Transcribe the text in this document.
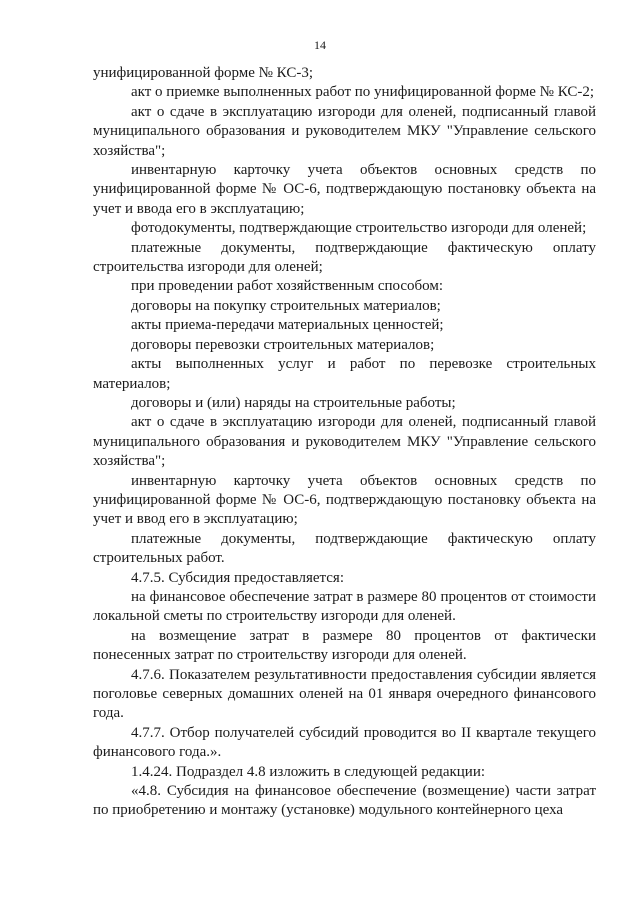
14

унифицированной форме № КС-3;

акт о приемке выполненных работ по унифицированной форме № КС-2;

акт о сдаче в эксплуатацию изгороди для оленей, подписанный главой муниципального образования и руководителем МКУ "Управление сельского хозяйства";

инвентарную карточку учета объектов основных средств по унифицированной форме № ОС-6, подтверждающую постановку объекта на учет и ввода его в эксплуатацию;

фотодокументы, подтверждающие строительство изгороди для оленей;

платежные документы, подтверждающие фактическую оплату строительства изгороди для оленей;

при проведении работ хозяйственным способом:

договоры на покупку строительных материалов;

акты приема-передачи материальных ценностей;

договоры перевозки строительных материалов;

акты выполненных услуг и работ по перевозке строительных материалов;

договоры и (или) наряды на строительные работы;

акт о сдаче в эксплуатацию изгороди для оленей, подписанный главой муниципального образования и руководителем МКУ "Управление сельского хозяйства";

инвентарную карточку учета объектов основных средств по унифицированной форме № ОС-6, подтверждающую постановку объекта на учет и ввод его в эксплуатацию;

платежные документы, подтверждающие фактическую оплату строительных работ.

4.7.5. Субсидия предоставляется:

на финансовое обеспечение затрат в размере 80 процентов от стоимости локальной сметы по строительству изгороди для оленей.

на возмещение затрат в размере 80 процентов от фактически понесенных затрат по строительству изгороди для оленей.

4.7.6. Показателем результативности предоставления субсидии является поголовье северных домашних оленей на 01 января очередного финансового года.

4.7.7. Отбор получателей субсидий проводится во II квартале текущего финансового года.».

1.4.24. Подраздел 4.8 изложить в следующей редакции:

«4.8. Субсидия на финансовое обеспечение (возмещение) части затрат по приобретению и монтажу (установке) модульного контейнерного цеха
